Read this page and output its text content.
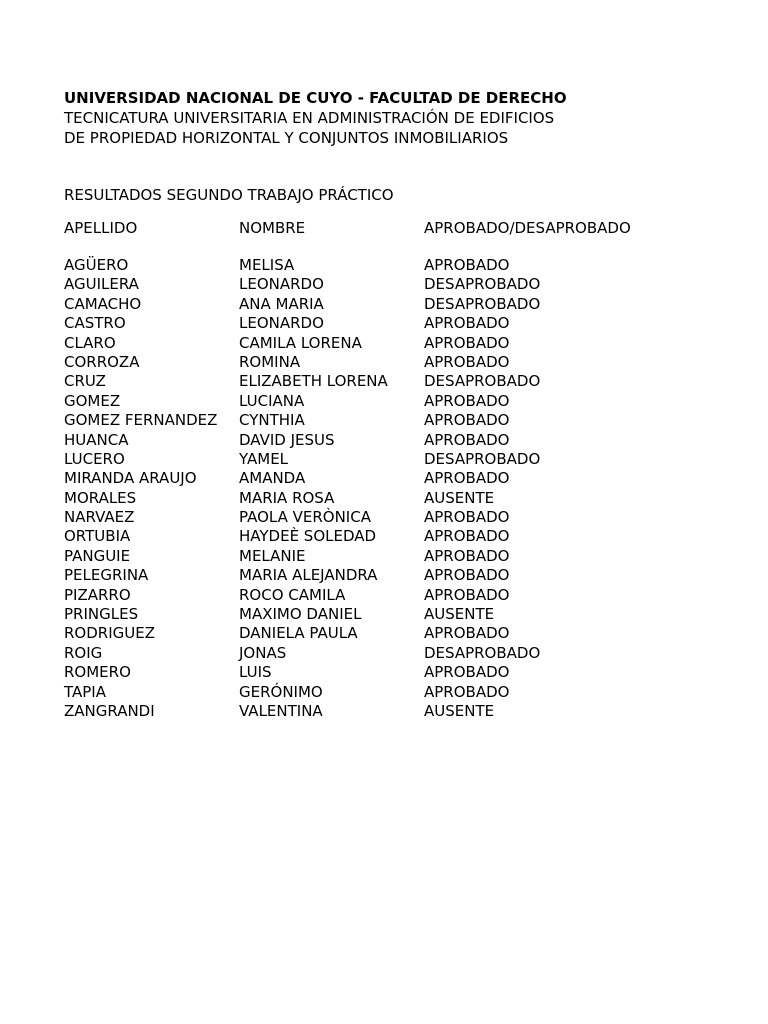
UNIVERSIDAD NACIONAL DE CUYO - FACULTAD DE DERECHO
TECNICATURA UNIVERSITARIA EN ADMINISTRACIÓN DE EDIFICIOS
DE PROPIEDAD HORIZONTAL Y CONJUNTOS INMOBILIARIOS
RESULTADOS SEGUNDO TRABAJO PRÁCTICO
APELLIDO	NOMBRE	APROBADO/DESAPROBADO
AGÜERO	MELISA	APROBADO
AGUILERA	LEONARDO	DESAPROBADO
CAMACHO	ANA MARIA	DESAPROBADO
CASTRO	LEONARDO	APROBADO
CLARO	CAMILA LORENA	APROBADO
CORROZA	ROMINA	APROBADO
CRUZ	ELIZABETH LORENA	DESAPROBADO
GOMEZ	LUCIANA	APROBADO
GOMEZ FERNANDEZ	CYNTHIA	APROBADO
HUANCA	DAVID JESUS	APROBADO
LUCERO	YAMEL	DESAPROBADO
MIRANDA ARAUJO	AMANDA	APROBADO
MORALES	MARIA ROSA	AUSENTE
NARVAEZ	PAOLA VERÒNICA	APROBADO
ORTUBIA	HAYDEÈ SOLEDAD	APROBADO
PANGUIE	MELANIE	APROBADO
PELEGRINA	MARIA ALEJANDRA	APROBADO
PIZARRO	ROCO CAMILA	APROBADO
PRINGLES	MAXIMO DANIEL	AUSENTE
RODRIGUEZ	DANIELA PAULA	APROBADO
ROIG	JONAS	DESAPROBADO
ROMERO	LUIS	APROBADO
TAPIA	GERÓNIMO	APROBADO
ZANGRANDI	VALENTINA	AUSENTE
